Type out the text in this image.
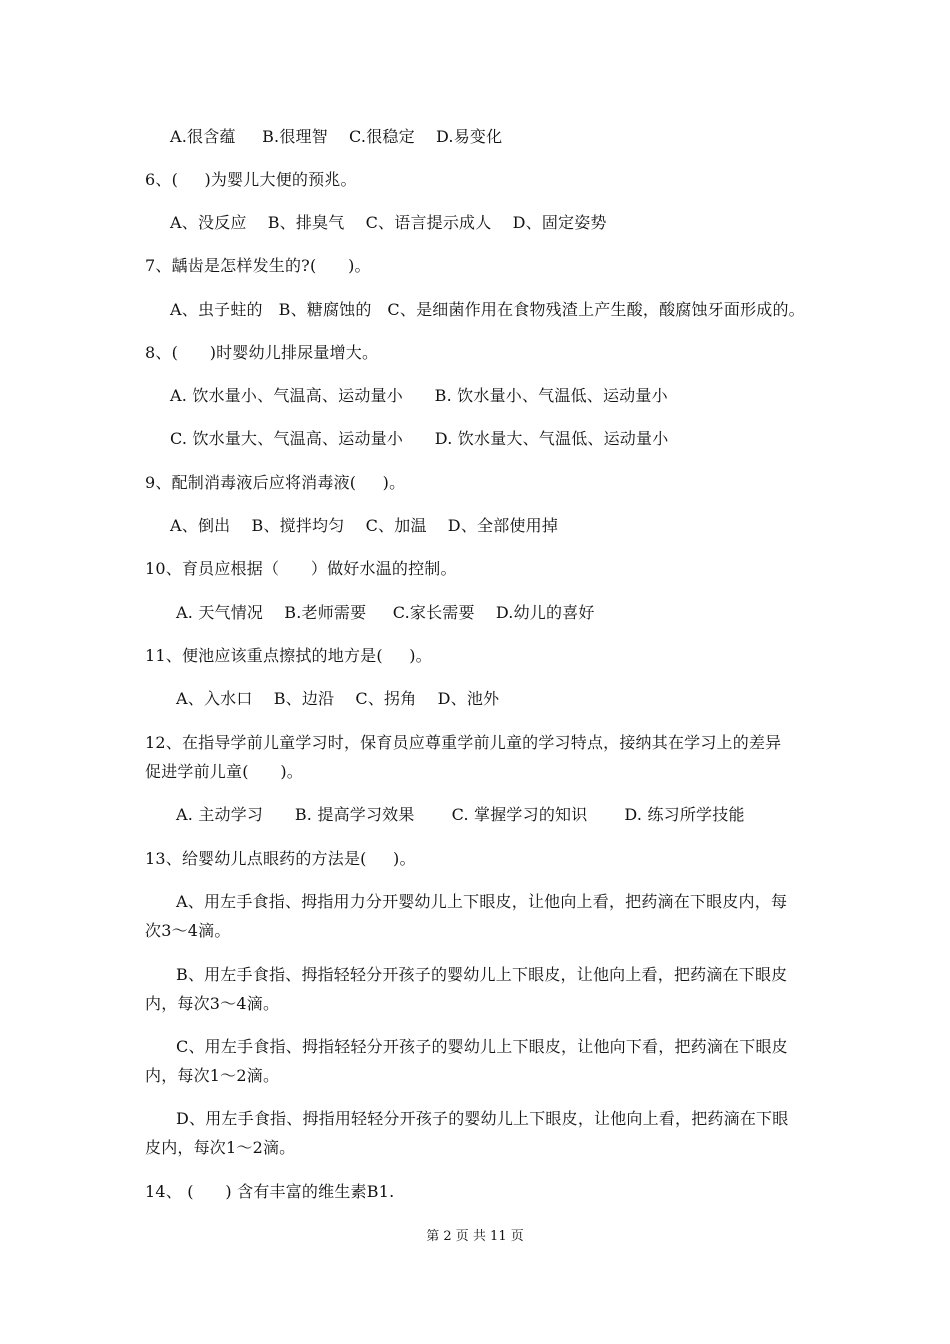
A.很含蕴     B.很理智    C.很稳定    D.易变化
6、(     )为婴儿大便的预兆。
A、没反应    B、排臭气    C、语言提示成人    D、固定姿势
7、龋齿是怎样发生的?(      )。
A、虫子蛀的   B、糖腐蚀的   C、是细菌作用在食物残渣上产生酸，酸腐蚀牙面形成的。
8、(      )时婴幼儿排尿量增大。
A. 饮水量小、气温高、运动量小      B. 饮水量小、气温低、运动量小
C. 饮水量大、气温高、运动量小      D. 饮水量大、气温低、运动量小
9、配制消毒液后应将消毒液(     )。
A、倒出    B、搅拌均匀    C、加温    D、全部使用掉
10、育员应根据（      ）做好水温的控制。
A. 天气情况    B.老师需要     C.家长需要    D.幼儿的喜好
11、便池应该重点擦拭的地方是(     )。
A、入水口    B、边沿    C、拐角    D、池外
12、在指导学前儿童学习时，保育员应尊重学前儿童的学习特点，接纳其在学习上的差异
促进学前儿童(      )。
A. 主动学习      B. 提高学习效果       C. 掌握学习的知识       D. 练习所学技能
13、给婴幼儿点眼药的方法是(     )。
A、用左手食指、拇指用力分开婴幼儿上下眼皮，让他向上看，把药滴在下眼皮内，每
次3～4滴。
B、用左手食指、拇指轻轻分开孩子的婴幼儿上下眼皮，让他向上看，把药滴在下眼皮
内，每次3～4滴。
C、用左手食指、拇指轻轻分开孩子的婴幼儿上下眼皮，让他向下看，把药滴在下眼皮
内，每次1～2滴。
D、用左手食指、拇指用轻轻分开孩子的婴幼儿上下眼皮，让他向上看，把药滴在下眼
皮内，每次1～2滴。
14、 (      ) 含有丰富的维生素B1.
第 2 页 共 11 页
